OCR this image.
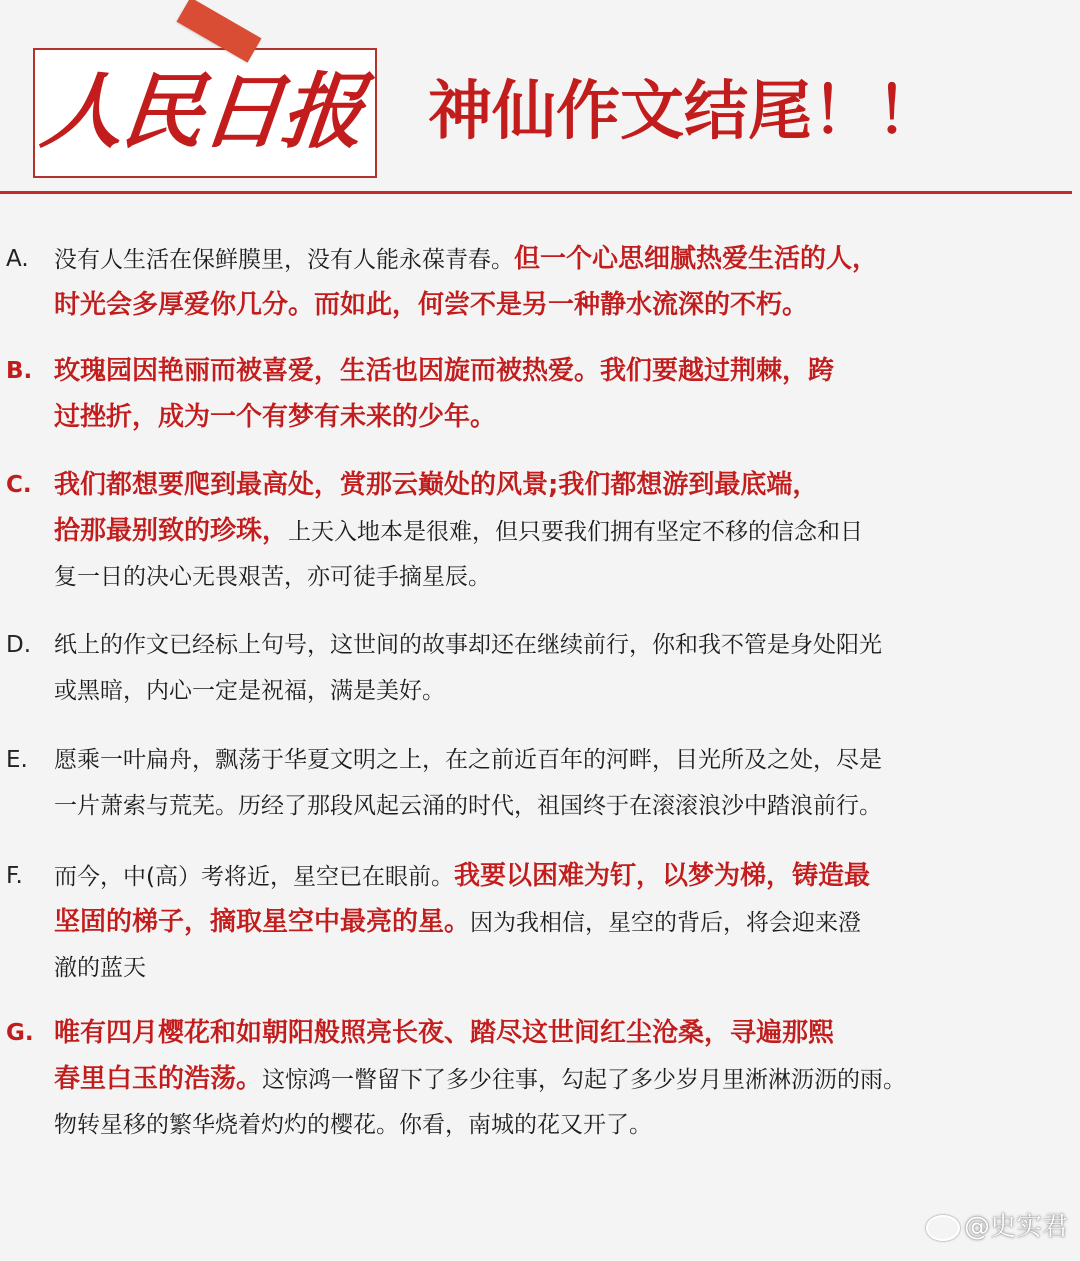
人民日报 神仙作文结尾！！
A. 没有人生活在保鲜膜里，没有人能永葆青春。但一个心思细腻热爱生活的人，
时光会多厚爱你几分。而如此，何尝不是另一种静水流深的不朽。
B. 玫瑰园因艳丽而被喜爱，生活也因旋而被热爱。我们要越过荆棘，跨
过挫折，成为一个有梦有未来的少年。
C. 我们都想要爬到最高处，赏那云巅处的风景;我们都想游到最底端，
拾那最别致的珍珠，上天入地本是很难，但只要我们拥有坚定不移的信念和日
复一日的决心无畏艰苦，亦可徒手摘星辰。
D. 纸上的作文已经标上句号，这世间的故事却还在继续前行，你和我不管是身处阳光
或黑暗，内心一定是祝福，满是美好。
E. 愿乘一叶扁舟，飘荡于华夏文明之上，在之前近百年的河畔，目光所及之处，尽是
一片萧索与荒芜。历经了那段风起云涌的时代，祖国终于在滚滚浪沙中踏浪前行。
F. 而今，中(高）考将近，星空已在眼前。我要以困难为钉，以梦为梯，铸造最
坚固的梯子，摘取星空中最亮的星。因为我相信，星空的背后，将会迎来澄
澈的蓝天
G. 唯有四月樱花和如朝阳般照亮长夜、踏尽这世间红尘沧桑，寻遍那熙
春里白玉的浩荡。这惊鸿一瞥留下了多少往事，勾起了多少岁月里淅淋沥沥的雨。
物转星移的繁华烧着灼灼的樱花。你看，南城的花又开了。
@史实君
